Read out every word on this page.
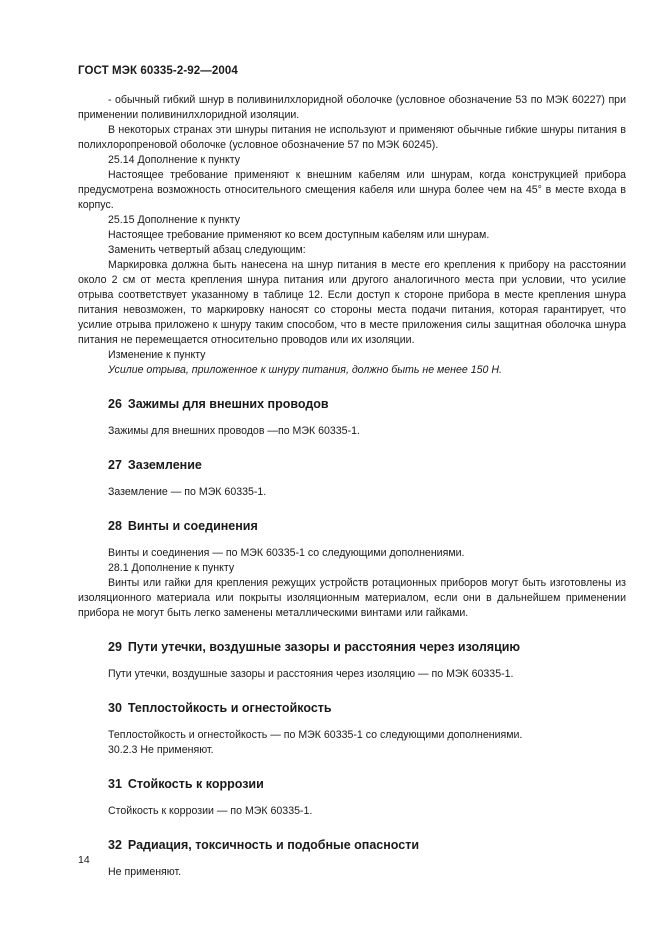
ГОСТ МЭК 60335-2-92—2004

- обычный гибкий шнур в поливинилхлоридной оболочке (условное обозначение 53 по МЭК 60227) при применении поливинилхлоридной изоляции.

В некоторых странах эти шнуры питания не используют и применяют обычные гибкие шнуры питания в полихлоропреновой оболочке (условное обозначение 57 по МЭК 60245).

25.14 Дополнение к пункту

Настоящее требование применяют к внешним кабелям или шнурам, когда конструкцией прибора предусмотрена возможность относительного смещения кабеля или шнура более чем на 45° в месте входа в корпус.

25.15 Дополнение к пункту

Настоящее требование применяют ко всем доступным кабелям или шнурам.

Заменить четвертый абзац следующим:

Маркировка должна быть нанесена на шнур питания в месте его крепления к прибору на расстоянии около 2 см от места крепления шнура питания или другого аналогичного места при условии, что усилие отрыва соответствует указанному в таблице 12. Если доступ к стороне прибора в месте крепления шнура питания невозможен, то маркировку наносят со стороны места подачи питания, которая гарантирует, что усилие отрыва приложено к шнуру таким способом, что в месте приложения силы защитная оболочка шнура питания не перемещается относительно проводов или их изоляции.

Изменение к пункту

Усилие отрыва, приложенное к шнуру питания, должно быть не менее 150 Н.

26 Зажимы для внешних проводов

Зажимы для внешних проводов —по МЭК 60335-1.

27 Заземление

Заземление — по МЭК 60335-1.

28 Винты и соединения

Винты и соединения — по МЭК 60335-1 со следующими дополнениями.

28.1 Дополнение к пункту

Винты или гайки для крепления режущих устройств ротационных приборов могут быть изготовлены из изоляционного материала или покрыты изоляционным материалом, если они в дальнейшем применении прибора не могут быть легко заменены металлическими винтами или гайками.

29 Пути утечки, воздушные зазоры и расстояния через изоляцию

Пути утечки, воздушные зазоры и расстояния через изоляцию — по МЭК 60335-1.

30 Теплостойкость и огнестойкость

Теплостойкость и огнестойкость — по МЭК 60335-1 со следующими дополнениями.

30.2.3 Не применяют.

31 Стойкость к коррозии

Стойкость к коррозии — по МЭК 60335-1.

32 Радиация, токсичность и подобные опасности

Не применяют.

14
